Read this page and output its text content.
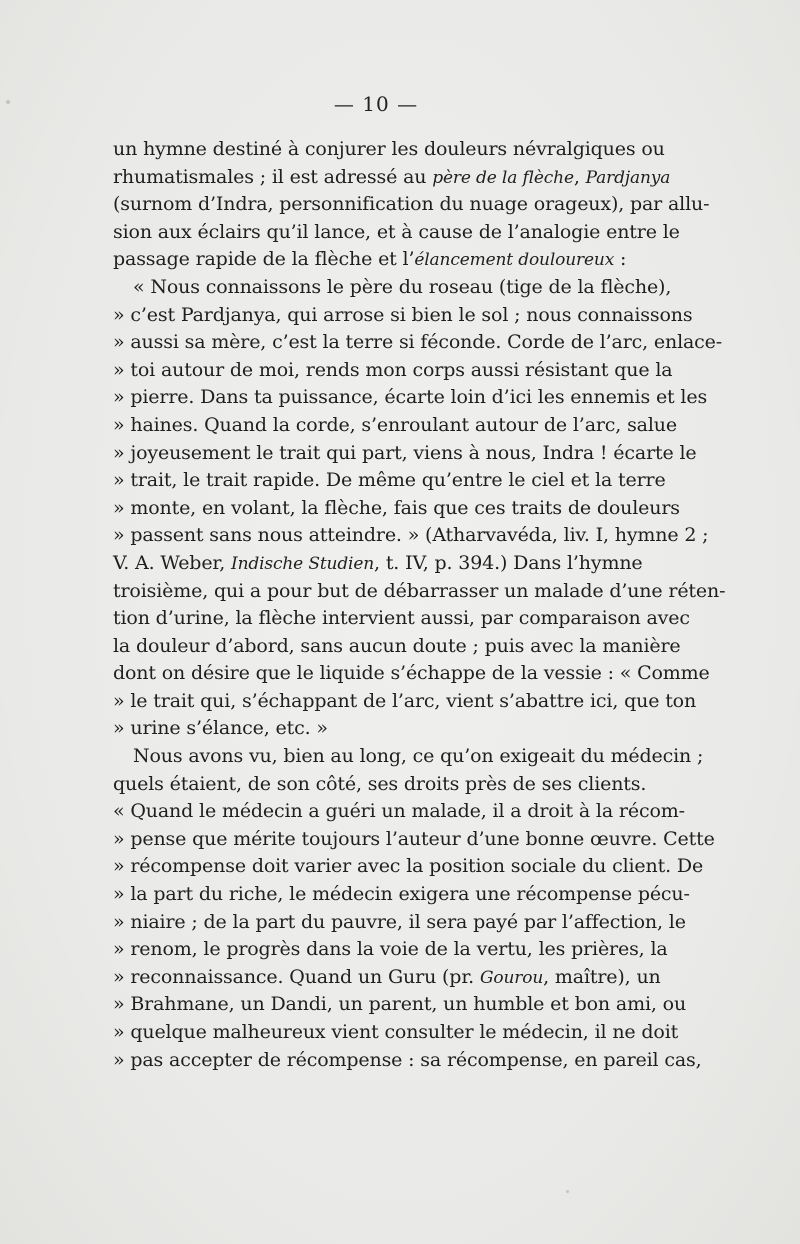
— 10 —
un hymne destiné à conjurer les douleurs névralgiques ou
rhumatismales ; il est adressé au père de la flèche, Pardjanya
(surnom d’Indra, personnification du nuage orageux), par allu-
sion aux éclairs qu’il lance, et à cause de l’analogie entre le
passage rapide de la flèche et l’élancement douloureux :
« Nous connaissons le père du roseau (tige de la flèche),
» c’est Pardjanya, qui arrose si bien le sol ; nous connaissons
» aussi sa mère, c’est la terre si féconde. Corde de l’arc, enlace-
» toi autour de moi, rends mon corps aussi résistant que la
» pierre. Dans ta puissance, écarte loin d’ici les ennemis et les
» haines. Quand la corde, s’enroulant autour de l’arc, salue
» joyeusement le trait qui part, viens à nous, Indra ! écarte le
» trait, le trait rapide. De même qu’entre le ciel et la terre
» monte, en volant, la flèche, fais que ces traits de douleurs
» passent sans nous atteindre. » (Atharvavéda, liv. I, hymne 2 ;
V. A. Weber, Indische Studien, t. IV, p. 394.) Dans l’hymne
troisième, qui a pour but de débarrasser un malade d’une réten-
tion d’urine, la flèche intervient aussi, par comparaison avec
la douleur d’abord, sans aucun doute ; puis avec la manière
dont on désire que le liquide s’échappe de la vessie : « Comme
» le trait qui, s’échappant de l’arc, vient s’abattre ici, que ton
» urine s’élance, etc. »
Nous avons vu, bien au long, ce qu’on exigeait du médecin ;
quels étaient, de son côté, ses droits près de ses clients.
« Quand le médecin a guéri un malade, il a droit à la récom-
» pense que mérite toujours l’auteur d’une bonne œuvre. Cette
» récompense doit varier avec la position sociale du client. De
» la part du riche, le médecin exigera une récompense pécu-
» niaire ; de la part du pauvre, il sera payé par l’affection, le
» renom, le progrès dans la voie de la vertu, les prières, la
» reconnaissance. Quand un Guru (pr. Gourou, maître), un
» Brahmane, un Dandi, un parent, un humble et bon ami, ou
» quelque malheureux vient consulter le médecin, il ne doit
» pas accepter de récompense : sa récompense, en pareil cas,
